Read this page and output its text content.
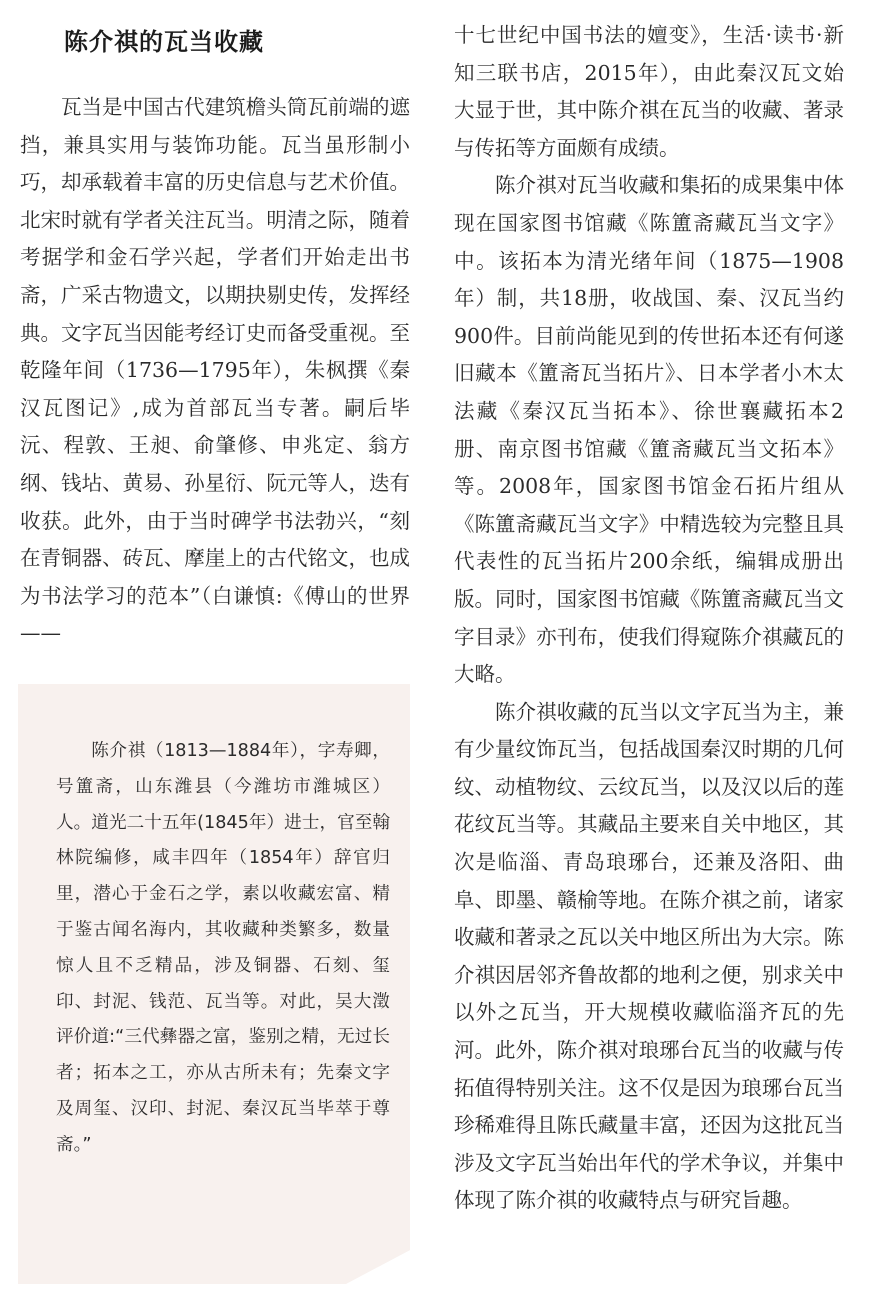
陈介祺的瓦当收藏

瓦当是中国古代建筑檐头筒瓦前端的遮挡，兼具实用与装饰功能。瓦当虽形制小巧，却承载着丰富的历史信息与艺术价值。北宋时就有学者关注瓦当。明清之际，随着考据学和金石学兴起，学者们开始走出书斋，广采古物遗文，以期抉剔史传，发挥经典。文字瓦当因能考经订史而备受重视。至乾隆年间（1736—1795年），朱枫撰《秦汉瓦图记》,成为首部瓦当专著。嗣后毕沅、程敦、王昶、俞肇修、申兆定、翁方纲、钱坫、黄易、孙星衍、阮元等人，迭有收获。此外，由于当时碑学书法勃兴，“刻在青铜器、砖瓦、摩崖上的古代铭文，也成为书法学习的范本”（白谦慎:《傅山的世界——

十七世纪中国书法的嬗变》，生活·读书·新知三联书店，2015年），由此秦汉瓦文始大显于世，其中陈介祺在瓦当的收藏、著录与传拓等方面颇有成绩。

陈介祺对瓦当收藏和集拓的成果集中体现在国家图书馆藏《陈簠斋藏瓦当文字》中。该拓本为清光绪年间（1875—1908年）制，共18册，收战国、秦、汉瓦当约900件。目前尚能见到的传世拓本还有何遂旧藏本《簠斋瓦当拓片》、日本学者小木太法藏《秦汉瓦当拓本》、徐世襄藏拓本2册、南京图书馆藏《簠斋藏瓦当文拓本》等。2008年，国家图书馆金石拓片组从《陈簠斋藏瓦当文字》中精选较为完整且具代表性的瓦当拓片200余纸，编辑成册出版。同时，国家图书馆藏《陈簠斋藏瓦当文字目录》亦刊布，使我们得窥陈介祺藏瓦的大略。

陈介祺收藏的瓦当以文字瓦当为主，兼有少量纹饰瓦当，包括战国秦汉时期的几何纹、动植物纹、云纹瓦当，以及汉以后的莲花纹瓦当等。其藏品主要来自关中地区，其次是临淄、青岛琅琊台，还兼及洛阳、曲阜、即墨、赣榆等地。在陈介祺之前，诸家收藏和著录之瓦以关中地区所出为大宗。陈介祺因居邻齐鲁故都的地利之便，别求关中以外之瓦当，开大规模收藏临淄齐瓦的先河。此外，陈介祺对琅琊台瓦当的收藏与传拓值得特别关注。这不仅是因为琅琊台瓦当珍稀难得且陈氏藏量丰富，还因为这批瓦当涉及文字瓦当始出年代的学术争议，并集中体现了陈介祺的收藏特点与研究旨趣。

陈介祺（1813—1884年），字寿卿，号簠斋，山东潍县（今潍坊市潍城区）人。道光二十五年(1845年）进士，官至翰林院编修，咸丰四年（1854年）辞官归里，潜心于金石之学，素以收藏宏富、精于鉴古闻名海内，其收藏种类繁多，数量惊人且不乏精品，涉及铜器、石刻、玺印、封泥、钱范、瓦当等。对此，吴大澂评价道:“三代彝器之富，鉴别之精，无过长者；拓本之工，亦从古所未有；先秦文字及周玺、汉印、封泥、秦汉瓦当毕萃于尊斋。”
